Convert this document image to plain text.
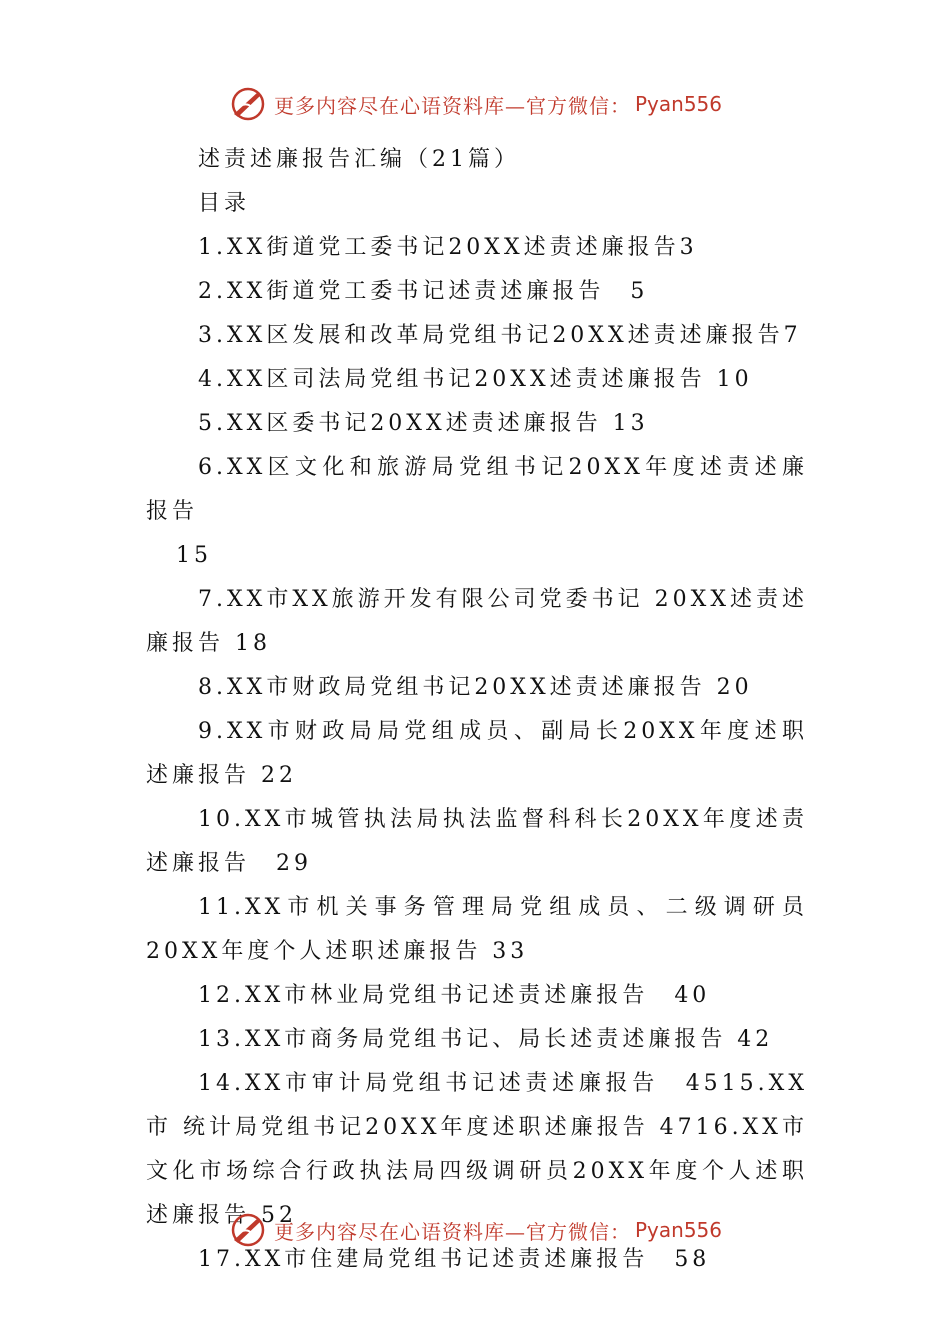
更多内容尽在心语资料库—官方微信： Pyan556

述责述廉报告汇编（21篇）

目录

1.XX街道党工委书记20XX述责述廉报告3

2.XX街道党工委书记述责述廉报告　5

3.XX区发展和改革局党组书记20XX述责述廉报告7

4.XX区司法局党组书记20XX述责述廉报告 10

5.XX区委书记20XX述责述廉报告 13

6.XX区文化和旅游局党组书记20XX年度述责述廉报告

15

7.XX市XX旅游开发有限公司党委书记 20XX述责述廉报告 18

8.XX市财政局党组书记20XX述责述廉报告 20

9.XX市财政局局党组成员、副局长20XX年度述职述廉报告 22

10.XX市城管执法局执法监督科科长20XX年度述责述廉报告　29

11.XX市机关事务管理局党组成员、二级调研员 20XX年度个人述职述廉报告 33

12.XX市林业局党组书记述责述廉报告　40

13.XX市商务局党组书记、局长述责述廉报告 42

14.XX市审计局党组书记述责述廉报告　4515.XX 市 统计局党组书记20XX年度述职述廉报告 4716.XX市文化市场综合行政执法局四级调研员20XX年度个人述职述廉报告 52

17.XX市住建局党组书记述责述廉报告　58

更多内容尽在心语资料库—官方微信： Pyan556
